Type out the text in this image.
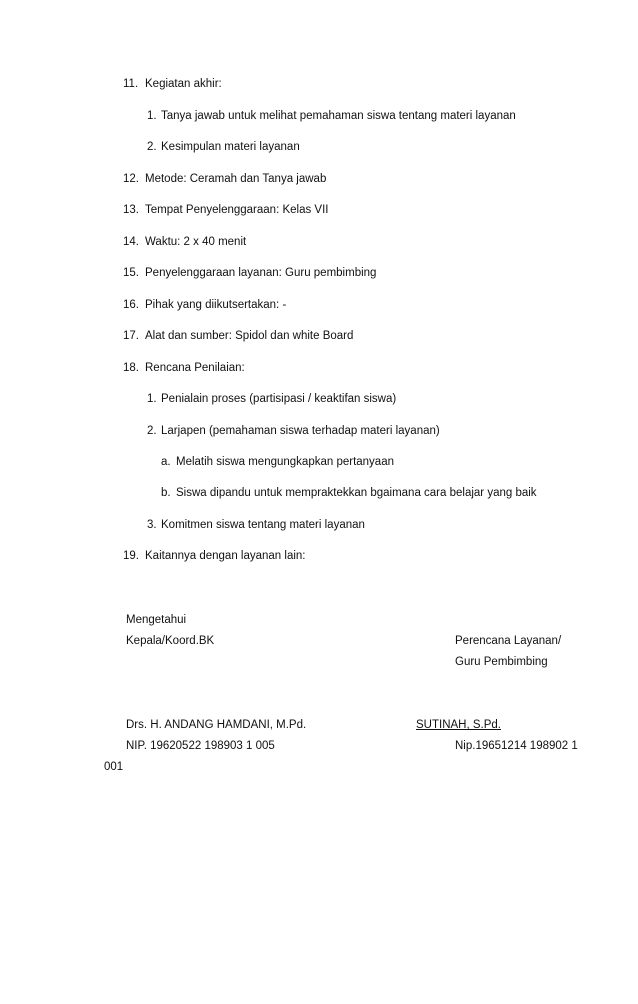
11. Kegiatan akhir:
1. Tanya jawab untuk melihat pemahaman siswa tentang materi layanan
2. Kesimpulan materi layanan
12. Metode: Ceramah dan Tanya jawab
13. Tempat Penyelenggaraan: Kelas VII
14. Waktu: 2 x 40 menit
15. Penyelenggaraan layanan: Guru pembimbing
16. Pihak yang diikutsertakan: -
17. Alat dan sumber: Spidol dan white Board
18. Rencana Penilaian:
1. Penialain proses (partisipasi / keaktifan siswa)
2. Larjapen (pemahaman siswa terhadap materi layanan)
a. Melatih siswa mengungkapkan pertanyaan
b. Siswa dipandu untuk mempraktekkan bgaimana cara belajar yang baik
3. Komitmen siswa tentang materi layanan
19. Kaitannya dengan layanan lain:
Mengetahui
Kepala/Koord.BK	Perencana Layanan/
Guru Pembimbing
Drs. H. ANDANG HAMDANI, M.Pd.	SUTINAH, S.Pd.
NIP. 19620522 198903 1 005	Nip.19651214 198902 1
001
